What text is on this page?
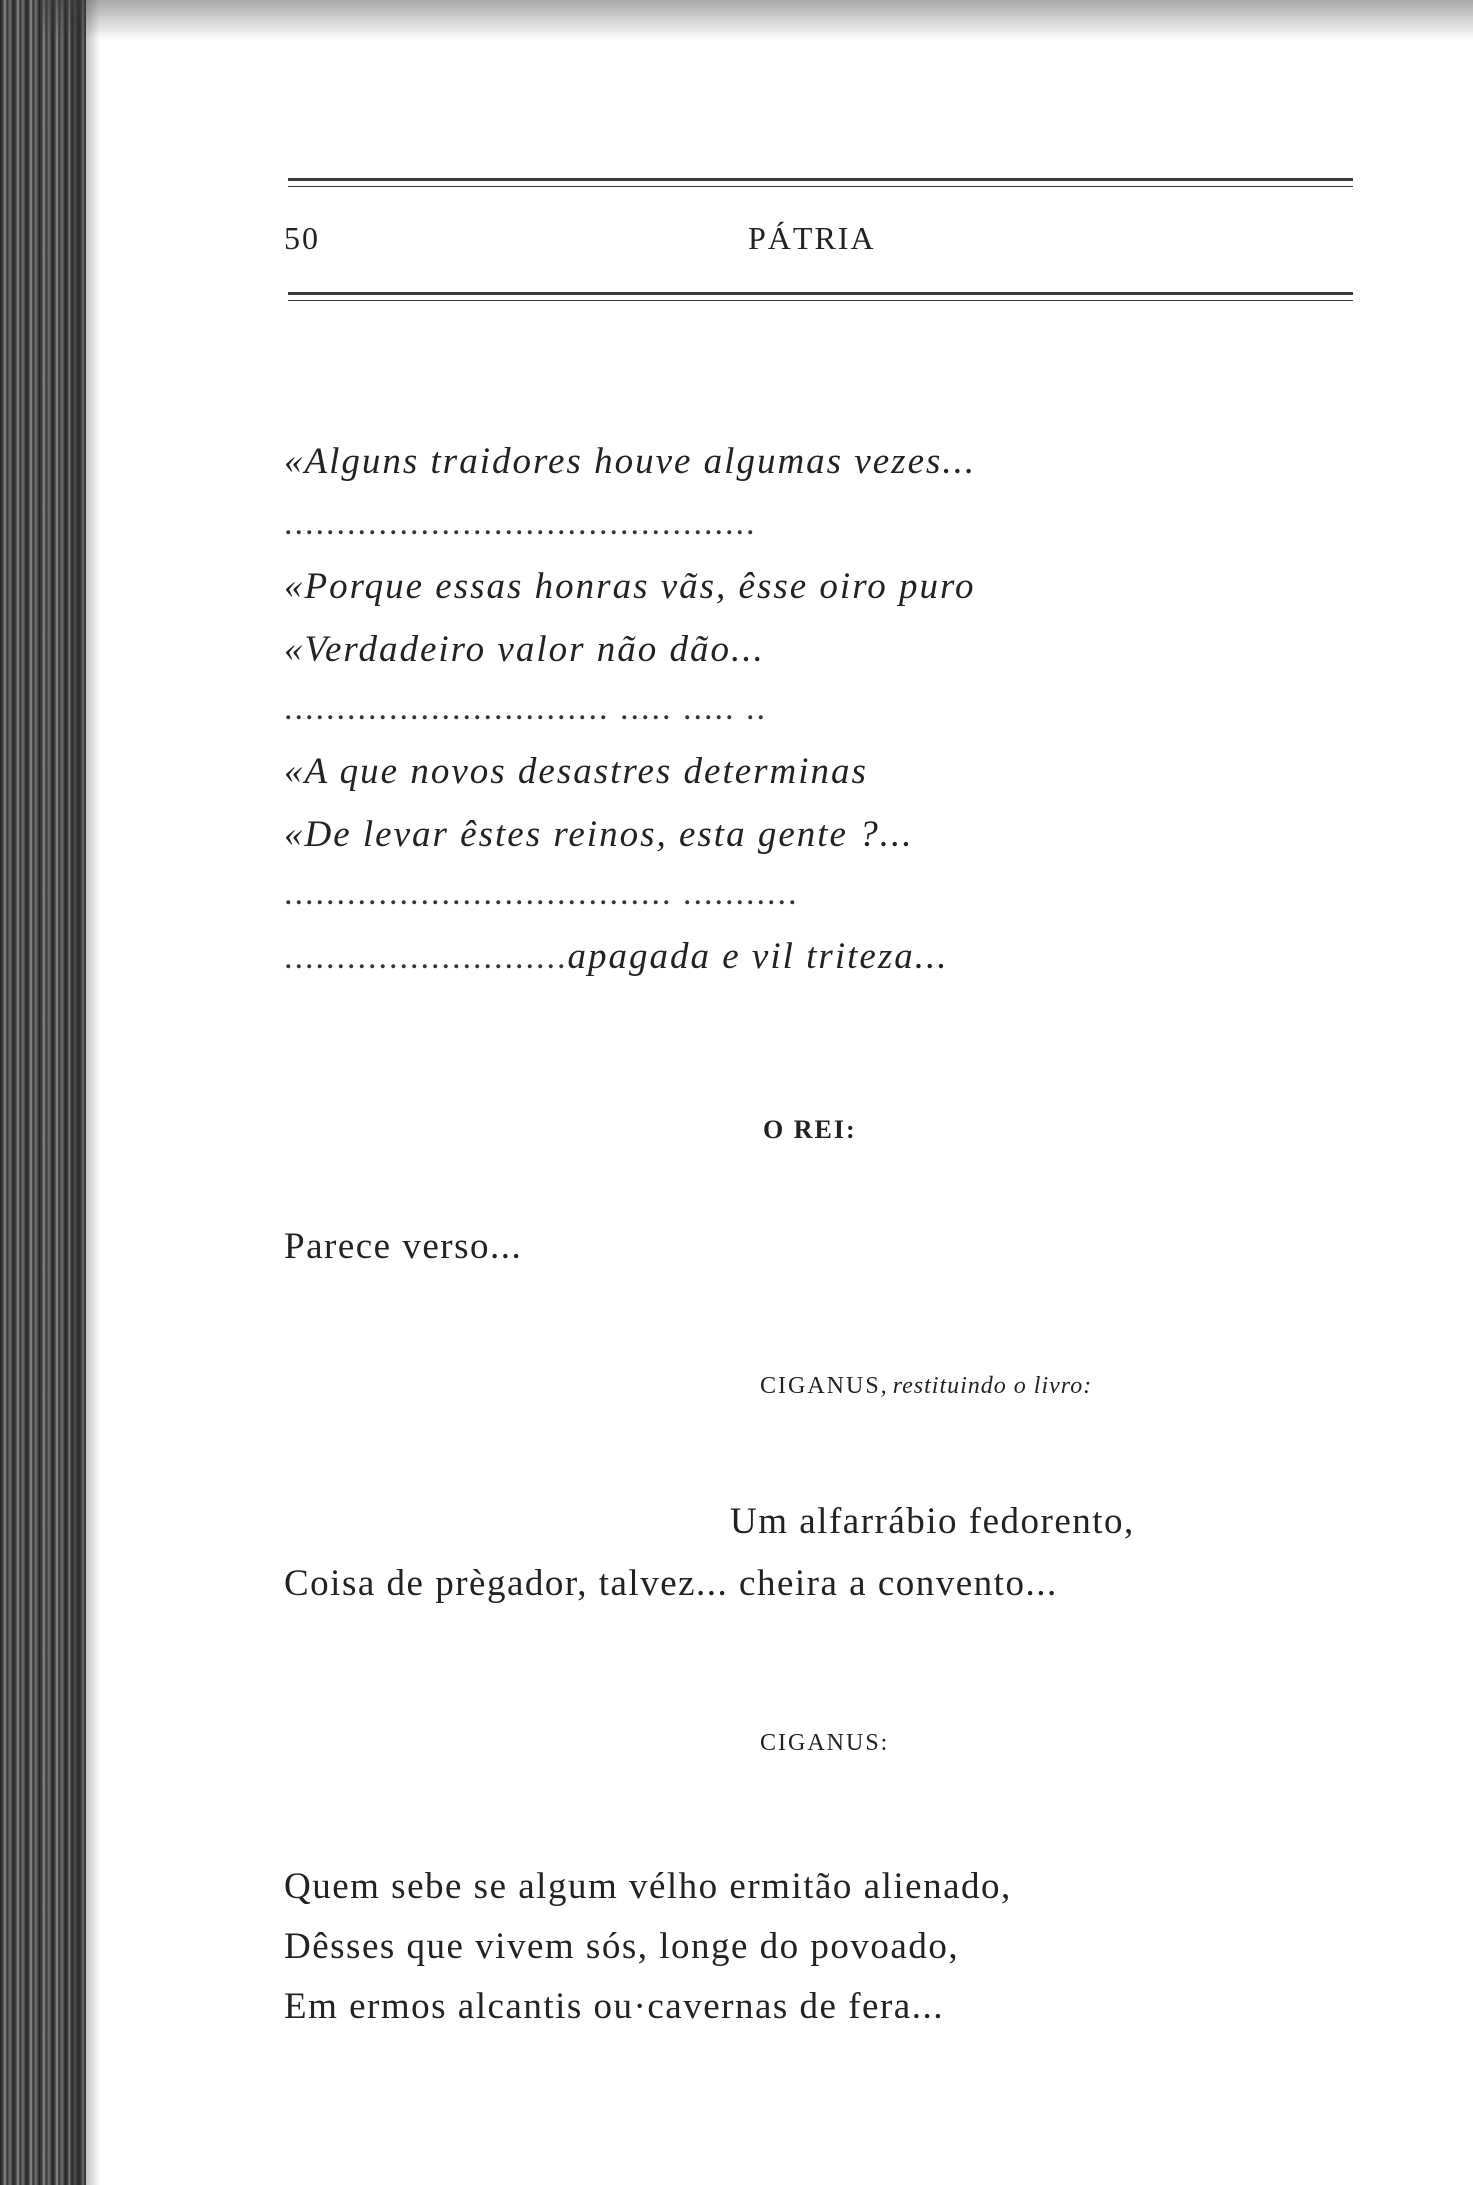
50	PÁTRIA
«Alguns traidores houve algumas vezes...
.............................................
«Porque essas honras vãs, êsse oiro puro
«Verdadeiro valor não dão...
............................... ..... ..... ..
«A que novos desastres determinas
«De levar êstes reinos, esta gente ?...
..................................... ...........
...........................apagada e vil triteza...
O REI:
Parece verso...
CIGANUS, restituindo o livro:
Um alfarrábio fedorento,
Coisa de prègador, talvez... cheira a convento...
CIGANUS:
Quem sebe se algum vélho ermitão alienado,
Dêsses que vivem sós, longe do povoado,
Em ermos alcantis ou·cavernas de fera...
